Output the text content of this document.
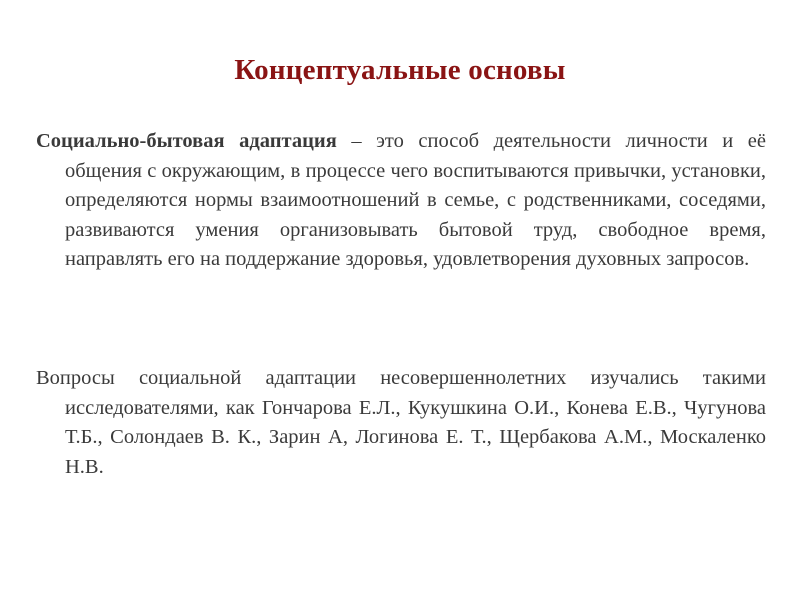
Концептуальные основы

Социально-бытовая адаптация – это способ деятельности личности и её общения с окружающим, в процессе чего воспитываются привычки, установки, определяются нормы взаимоотношений в семье, с родственниками, соседями, развиваются умения организовывать бытовой труд, свободное время, направлять его на поддержание здоровья, удовлетворения духовных запросов.

Вопросы социальной адаптации несовершеннолетних изучались такими исследователями, как Гончарова Е.Л., Кукушкина О.И., Конева Е.В., Чугунова Т.Б., Солондаев В. К., Зарин А, Логинова Е. Т., Щербакова А.М., Москаленко Н.В.
